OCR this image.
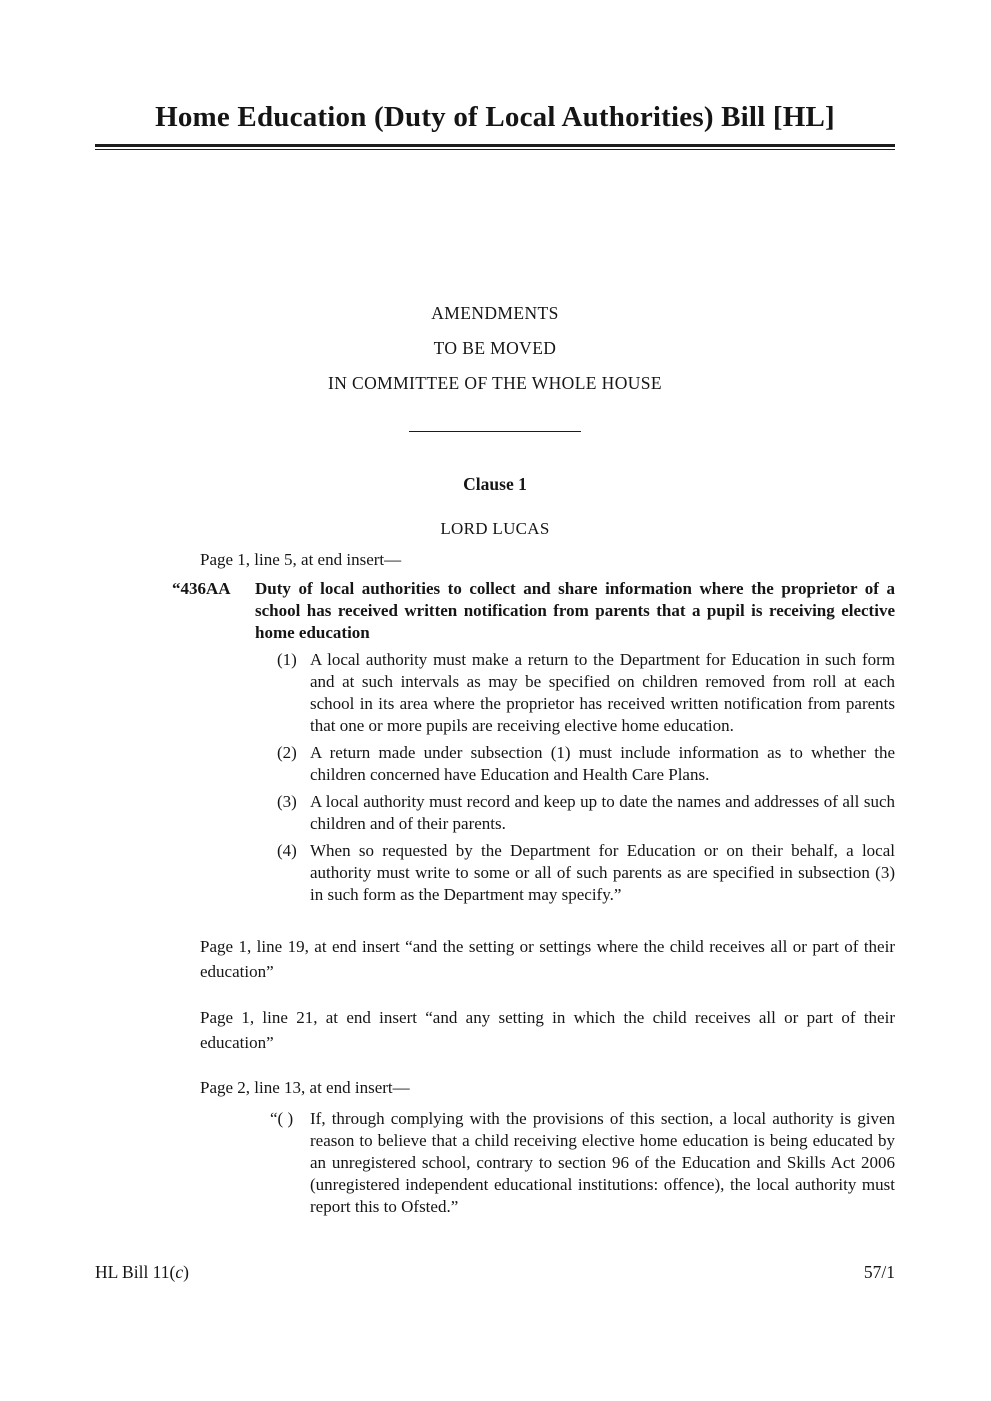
Home Education (Duty of Local Authorities) Bill [HL]

AMENDMENTS

TO BE MOVED

IN COMMITTEE OF THE WHOLE HOUSE

Clause 1

LORD LUCAS

Page 1, line 5, at end insert—

“436AA Duty of local authorities to collect and share information where the proprietor of a school has received written notification from parents that a pupil is receiving elective home education

(1) A local authority must make a return to the Department for Education in such form and at such intervals as may be specified on children removed from roll at each school in its area where the proprietor has received written notification from parents that one or more pupils are receiving elective home education.

(2) A return made under subsection (1) must include information as to whether the children concerned have Education and Health Care Plans.

(3) A local authority must record and keep up to date the names and addresses of all such children and of their parents.

(4) When so requested by the Department for Education or on their behalf, a local authority must write to some or all of such parents as are specified in subsection (3) in such form as the Department may specify.”

Page 1, line 19, at end insert “and the setting or settings where the child receives all or part of their education”

Page 1, line 21, at end insert “and any setting in which the child receives all or part of their education”

Page 2, line 13, at end insert—

“( ) If, through complying with the provisions of this section, a local authority is given reason to believe that a child receiving elective home education is being educated by an unregistered school, contrary to section 96 of the Education and Skills Act 2006 (unregistered independent educational institutions: offence), the local authority must report this to Ofsted.”

HL Bill 11(c)	57/1
